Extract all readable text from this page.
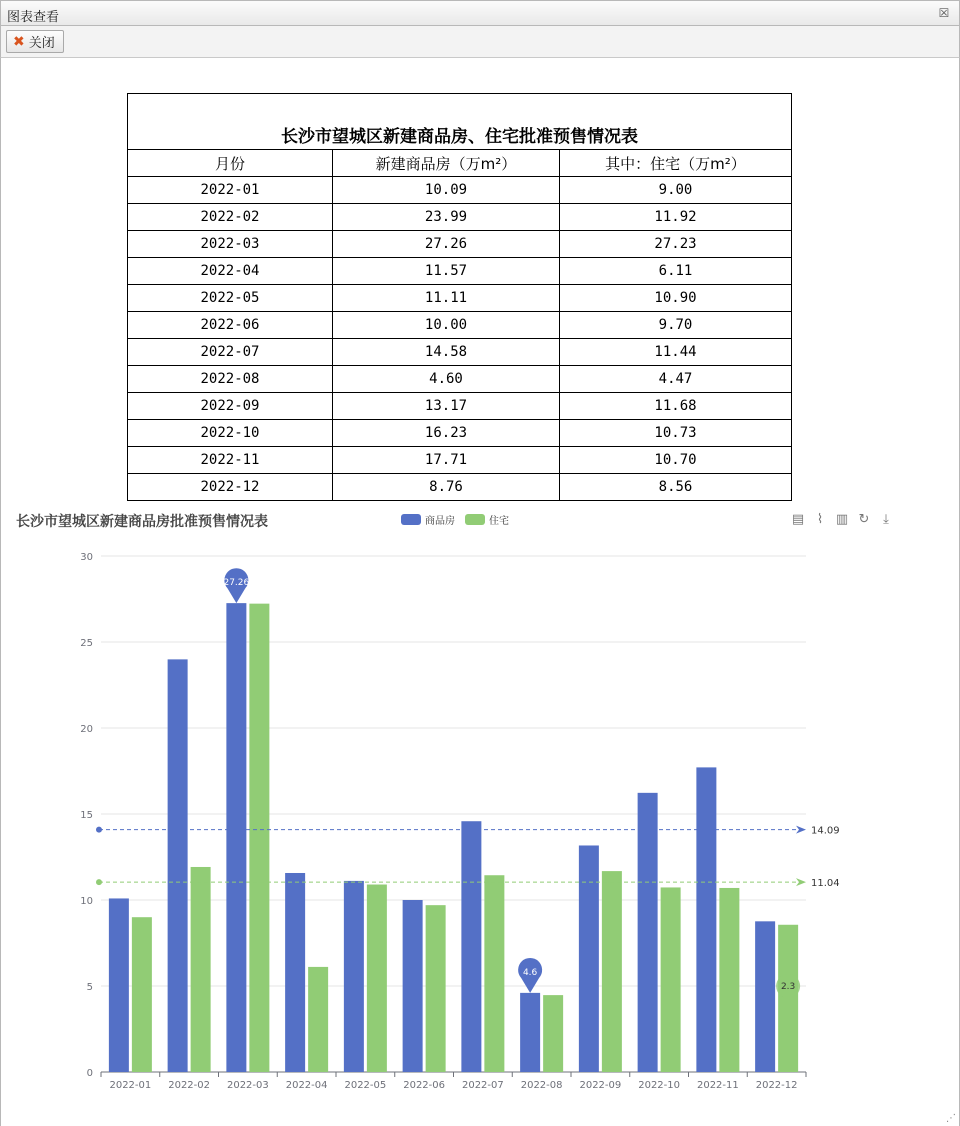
图表查看	☒
✖ 关闭
长沙市望城区新建商品房、住宅批准预售情况表		
月份	新建商品房（万m²）	其中：住宅（万m²）
2022-01	10.09	9.00
2022-02	23.99	11.92
2022-03	27.26	27.23
2022-04	11.57	6.11
2022-05	11.11	10.90
2022-06	10.00	9.70
2022-07	14.58	11.44
2022-08	4.60	4.47
2022-09	13.17	11.68
2022-10	16.23	10.73
2022-11	17.71	10.70
2022-12	8.76	8.56
长沙市望城区新建商品房批准预售情况表	商品房	住宅	▤ ⌇ ▥ ↻	⤓
0
5
10
15
20
25
30
2022-01 2022-02 2022-03 2022-04 2022-05 2022-06 2022-07 2022-08 2022-09 2022-10 2022-11 2022-12
14.09
11.04
27.26
4.6
2.3
⋰
